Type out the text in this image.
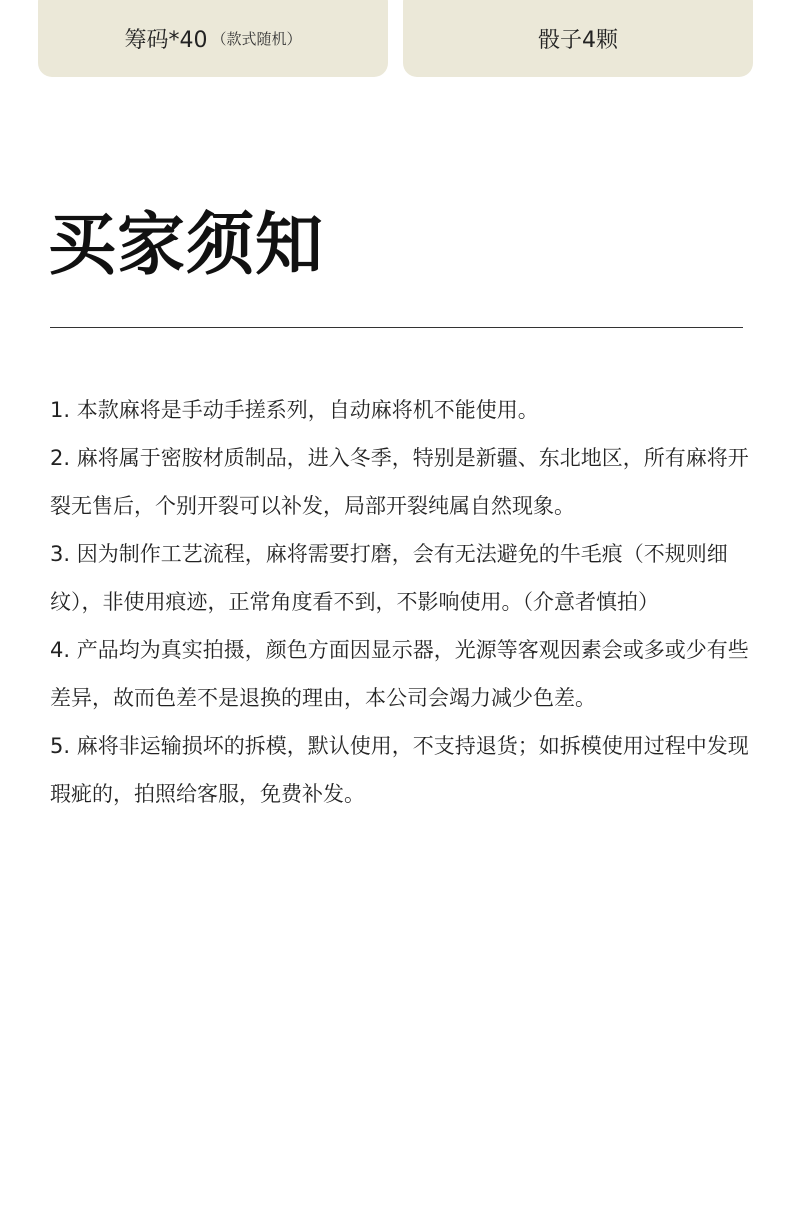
筹码*40 （款式随机）	骰子4颗
买家须知

1. 本款麻将是手动手搓系列，自动麻将机不能使用。

2. 麻将属于密胺材质制品，进入冬季，特别是新疆、东北地区，所有麻将开裂无售后，个别开裂可以补发，局部开裂纯属自然现象。

3. 因为制作工艺流程，麻将需要打磨，会有无法避免的牛毛痕（不规则细纹），非使用痕迹，正常角度看不到，不影响使用。（介意者慎拍）

4. 产品均为真实拍摄，颜色方面因显示器，光源等客观因素会或多或少有些差异，故而色差不是退换的理由，本公司会竭力减少色差。

5. 麻将非运输损坏的拆模，默认使用，不支持退货；如拆模使用过程中发现瑕疵的，拍照给客服，免费补发。
